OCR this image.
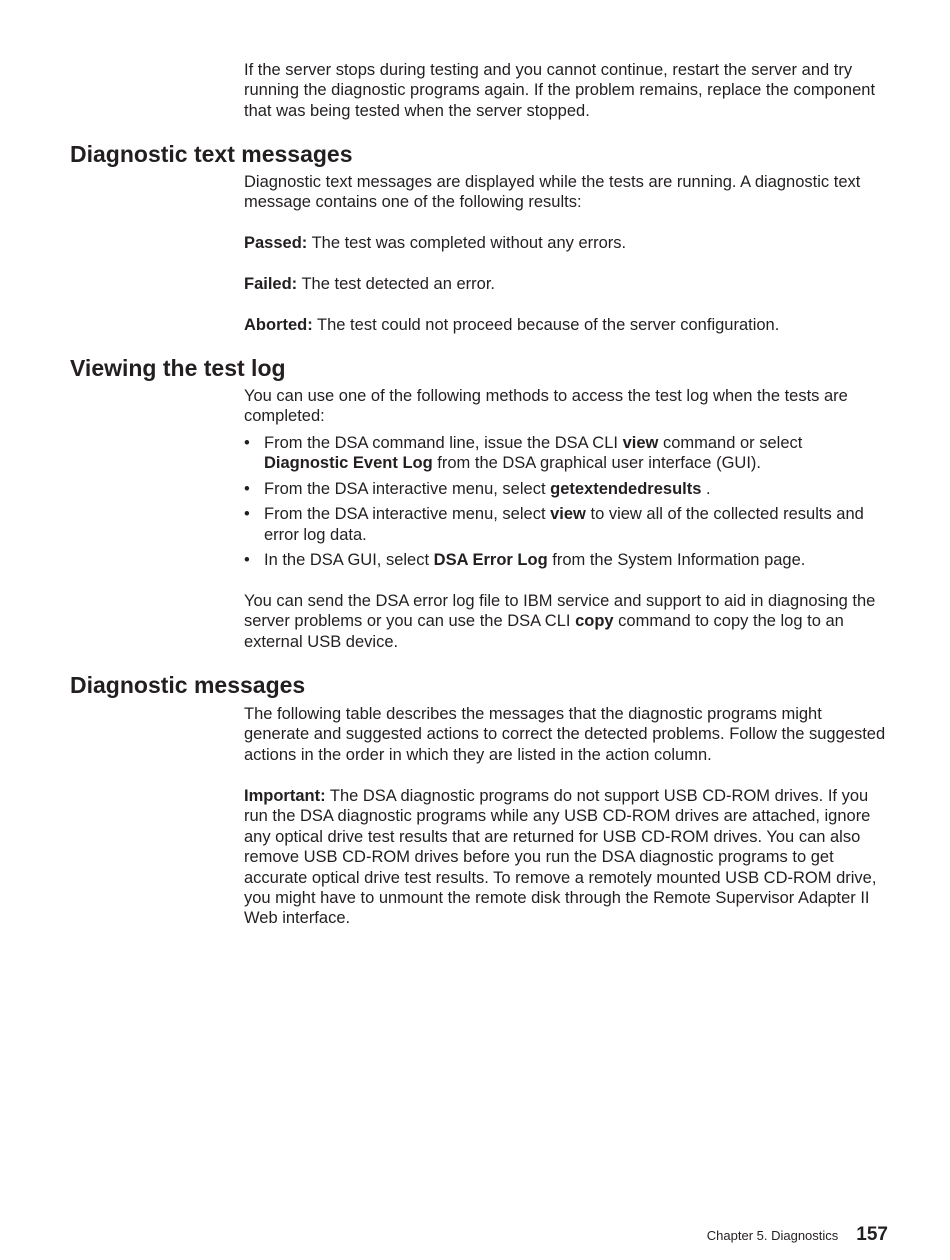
If the server stops during testing and you cannot continue, restart the server and try running the diagnostic programs again. If the problem remains, replace the component that was being tested when the server stopped.

Diagnostic text messages

Diagnostic text messages are displayed while the tests are running. A diagnostic text message contains one of the following results:

Passed: The test was completed without any errors.

Failed: The test detected an error.

Aborted: The test could not proceed because of the server configuration.

Viewing the test log

You can use one of the following methods to access the test log when the tests are completed:

• From the DSA command line, issue the DSA CLI view command or select Diagnostic Event Log from the DSA graphical user interface (GUI).
• From the DSA interactive menu, select getextendedresults .
• From the DSA interactive menu, select view to view all of the collected results and error log data.
• In the DSA GUI, select DSA Error Log from the System Information page.

You can send the DSA error log file to IBM service and support to aid in diagnosing the server problems or you can use the DSA CLI copy command to copy the log to an external USB device.

Diagnostic messages

The following table describes the messages that the diagnostic programs might generate and suggested actions to correct the detected problems. Follow the suggested actions in the order in which they are listed in the action column.

Important: The DSA diagnostic programs do not support USB CD-ROM drives. If you run the DSA diagnostic programs while any USB CD-ROM drives are attached, ignore any optical drive test results that are returned for USB CD-ROM drives. You can also remove USB CD-ROM drives before you run the DSA diagnostic programs to get accurate optical drive test results. To remove a remotely mounted USB CD-ROM drive, you might have to unmount the remote disk through the Remote Supervisor Adapter II Web interface.

Chapter 5. Diagnostics 157
